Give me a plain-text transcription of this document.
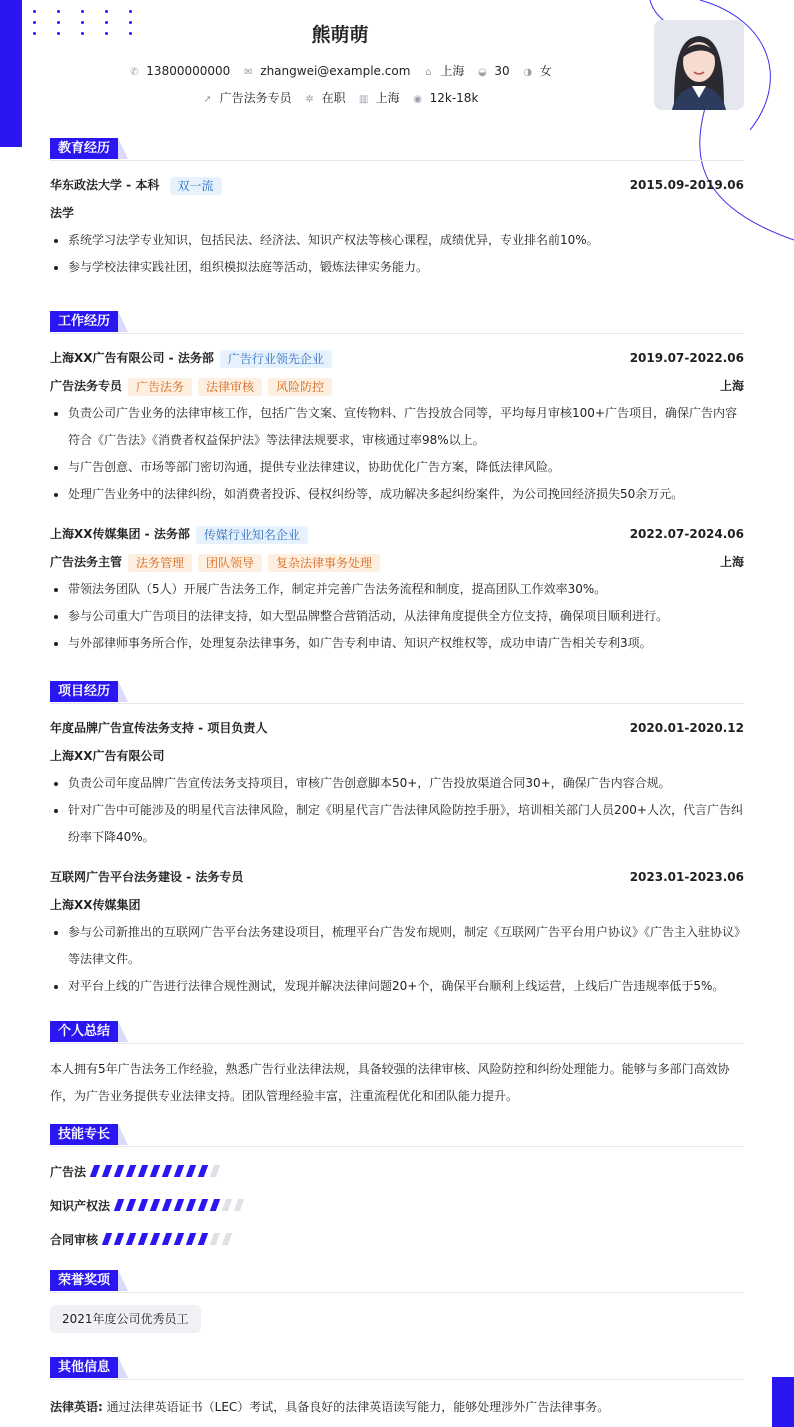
熊萌萌
✆ 13800000000 ✉ zhangwei@example.com ⌂ 上海 ◒ 30 ◑ 女
➚ 广告法务专员 ✲ 在职 ▥ 上海 ◉ 12k-18k
教育经历
华东政法大学 - 本科 双一流	2015.09-2019.06
法学
• 系统学习法学专业知识，包括民法、经济法、知识产权法等核心课程，成绩优异，专业排名前10%。
• 参与学校法律实践社团，组织模拟法庭等活动，锻炼法律实务能力。
工作经历
上海XX广告有限公司 - 法务部 广告行业领先企业	2019.07-2022.06
广告法务专员 广告法务 法律审核 风险防控	上海
• 负责公司广告业务的法律审核工作，包括广告文案、宣传物料、广告投放合同等，平均每月审核100+广告项目，确保广告内容符合《广告法》《消费者权益保护法》等法律法规要求，审核通过率98%以上。
• 与广告创意、市场等部门密切沟通，提供专业法律建议，协助优化广告方案，降低法律风险。
• 处理广告业务中的法律纠纷，如消费者投诉、侵权纠纷等，成功解决多起纠纷案件，为公司挽回经济损失50余万元。
上海XX传媒集团 - 法务部 传媒行业知名企业	2022.07-2024.06
广告法务主管 法务管理 团队领导 复杂法律事务处理	上海
• 带领法务团队（5人）开展广告法务工作，制定并完善广告法务流程和制度，提高团队工作效率30%。
• 参与公司重大广告项目的法律支持，如大型品牌整合营销活动，从法律角度提供全方位支持，确保项目顺利进行。
• 与外部律师事务所合作，处理复杂法律事务，如广告专利申请、知识产权维权等，成功申请广告相关专利3项。
项目经历
年度品牌广告宣传法务支持 - 项目负责人	2020.01-2020.12
上海XX广告有限公司
• 负责公司年度品牌广告宣传法务支持项目，审核广告创意脚本50+，广告投放渠道合同30+，确保广告内容合规。
• 针对广告中可能涉及的明星代言法律风险，制定《明星代言广告法律风险防控手册》，培训相关部门人员200+人次，代言广告纠纷率下降40%。
互联网广告平台法务建设 - 法务专员	2023.01-2023.06
上海XX传媒集团
• 参与公司新推出的互联网广告平台法务建设项目，梳理平台广告发布规则，制定《互联网广告平台用户协议》《广告主入驻协议》等法律文件。
• 对平台上线的广告进行法律合规性测试，发现并解决法律问题20+个，确保平台顺利上线运营，上线后广告违规率低于5%。
个人总结
本人拥有5年广告法务工作经验，熟悉广告行业法律法规，具备较强的法律审核、风险防控和纠纷处理能力。能够与多部门高效协作，为广告业务提供专业法律支持。团队管理经验丰富，注重流程优化和团队能力提升。
技能专长
广告法
知识产权法
合同审核
荣誉奖项
2021年度公司优秀员工
其他信息
法律英语: 通过法律英语证书（LEC）考试，具备良好的法律英语读写能力，能够处理涉外广告法律事务。
